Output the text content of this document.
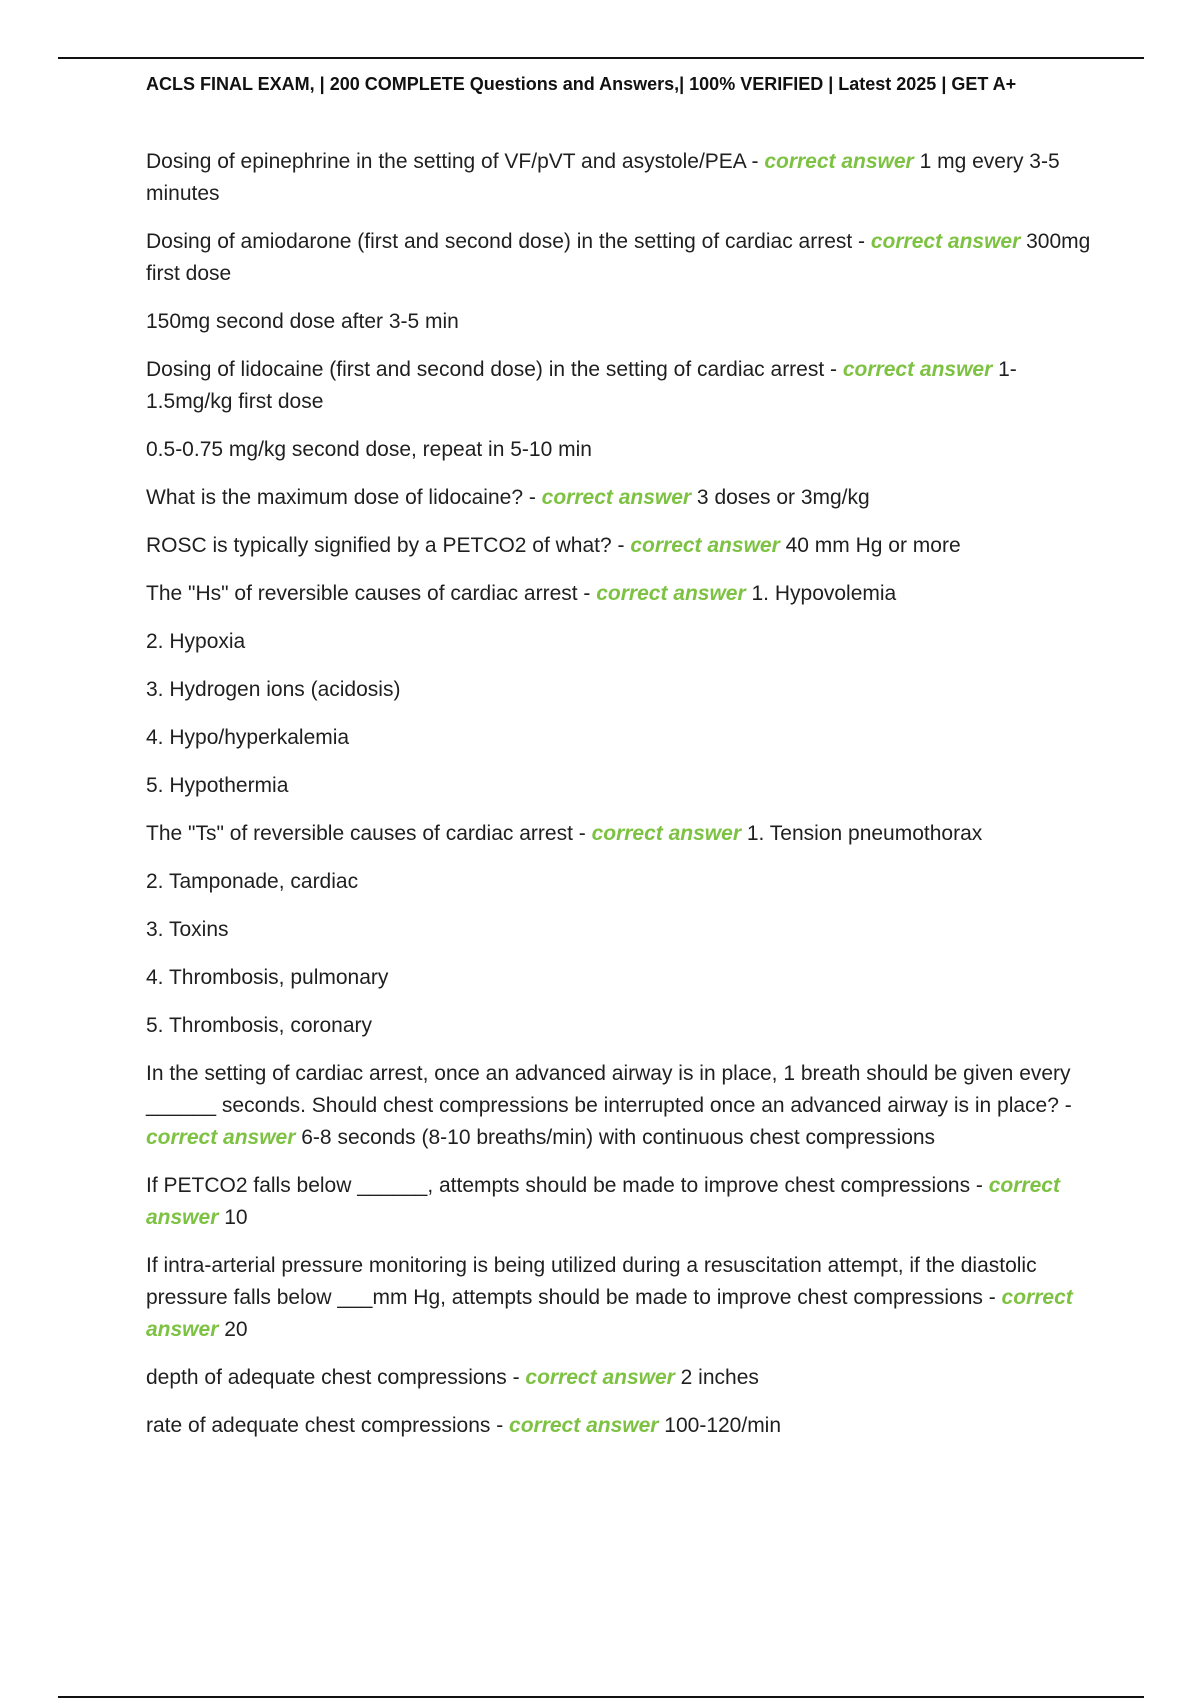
ACLS FINAL EXAM, | 200 COMPLETE Questions and Answers,| 100% VERIFIED | Latest 2025 | GET A+

Dosing of epinephrine in the setting of VF/pVT and asystole/PEA - correct answer 1 mg every 3-5 minutes

Dosing of amiodarone (first and second dose) in the setting of cardiac arrest - correct answer 300mg first dose

150mg second dose after 3-5 min

Dosing of lidocaine (first and second dose) in the setting of cardiac arrest - correct answer 1-1.5mg/kg first dose

0.5-0.75 mg/kg second dose, repeat in 5-10 min

What is the maximum dose of lidocaine? - correct answer 3 doses or 3mg/kg

ROSC is typically signified by a PETCO2 of what? - correct answer 40 mm Hg or more

The "Hs" of reversible causes of cardiac arrest - correct answer 1. Hypovolemia

2. Hypoxia

3. Hydrogen ions (acidosis)

4. Hypo/hyperkalemia

5. Hypothermia

The "Ts" of reversible causes of cardiac arrest - correct answer 1. Tension pneumothorax

2. Tamponade, cardiac

3. Toxins

4. Thrombosis, pulmonary

5. Thrombosis, coronary

In the setting of cardiac arrest, once an advanced airway is in place, 1 breath should be given every ______ seconds. Should chest compressions be interrupted once an advanced airway is in place? - correct answer 6-8 seconds (8-10 breaths/min) with continuous chest compressions

If PETCO2 falls below ______, attempts should be made to improve chest compressions - correct answer 10

If intra-arterial pressure monitoring is being utilized during a resuscitation attempt, if the diastolic pressure falls below ___mm Hg, attempts should be made to improve chest compressions - correct answer 20

depth of adequate chest compressions - correct answer 2 inches

rate of adequate chest compressions - correct answer 100-120/min
